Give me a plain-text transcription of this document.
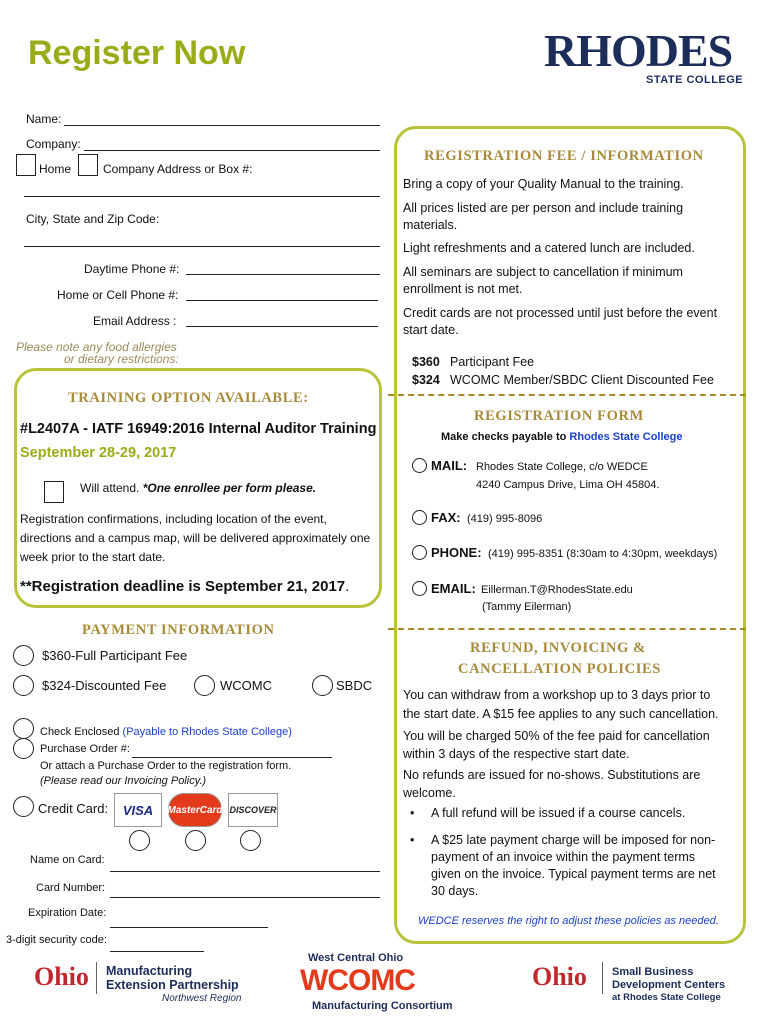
Register Now	RHODES
STATE COLLEGE
Name:
Company:
Home	Company Address or Box #:
City, State and Zip Code:
Daytime Phone #:
Home or Cell Phone #:
Email Address :
Please note any food allergies
or dietary restrictions:
TRAINING OPTION AVAILABLE:
#L2407A - IATF 16949:2016 Internal Auditor Training
September 28-29, 2017
Will attend. *One enrollee per form please.
Registration confirmations, including location of the event,
directions and a campus map, will be delivered approximately one
week prior to the start date.
**Registration deadline is September 21, 2017.
PAYMENT INFORMATION
$360-Full Participant Fee
$324-Discounted Fee	WCOMC	SBDC
Check Enclosed (Payable to Rhodes State College)
Purchase Order #:
Or attach a Purchase Order to the registration form.
(Please read our Invoicing Policy.)
Credit Card:	VISA	MasterCard DISCOVER
Name on Card:
Card Number:
Expiration Date:
3-digit security code:
REGISTRATION FEE / INFORMATION
Bring a copy of your Quality Manual to the training.
All prices listed are per person and include training
materials.
Light refreshments and a catered lunch are included.
All seminars are subject to cancellation if minimum
enrollment is not met.
Credit cards are not processed until just before the event
start date.
$360 Participant Fee
$324 WCOMC Member/SBDC Client Discounted Fee
REGISTRATION FORM
Make checks payable to Rhodes State College
MAIL: Rhodes State College, c/o WEDCE
4240 Campus Drive, Lima OH 45804.
FAX: (419) 995-8096
PHONE: (419) 995-8351 (8:30am to 4:30pm, weekdays)
EMAIL: Eillerman.T@RhodesState.edu
(Tammy Eilerman)
REFUND, INVOICING &
CANCELLATION POLICIES
You can withdraw from a workshop up to 3 days prior to
the start date. A $15 fee applies to any such cancellation.
You will be charged 50% of the fee paid for cancellation
within 3 days of the respective start date.
No refunds are issued for no-shows. Substitutions are
welcome.
• A full refund will be issued if a course cancels.
• A $25 late payment charge will be imposed for non-
payment of an invoice within the payment terms
given on the invoice. Typical payment terms are net
30 days.
WEDCE reserves the right to adjust these policies as needed.
Ohio Manufacturing
Extension Partnership
Northwest Region
West Central Ohio
WCOMC
Manufacturing Consortium
Ohio Small Business
Development Centers
at Rhodes State College
